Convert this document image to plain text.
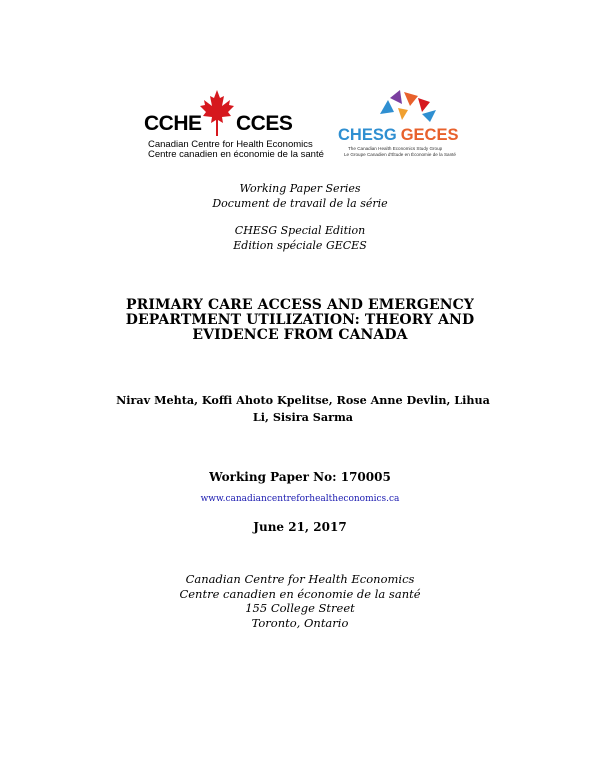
CCHE CCES
Canadian Centre for Health Economics
Centre canadien en économie de la santé
CHESG GECES
The Canadian Health Economics Study Group
Le Groupe Canadien d'Étude en Économie de la Santé
Working Paper Series
Document de travail de la série
CHESG Special Edition
Edition spéciale GECES
PRIMARY CARE ACCESS AND EMERGENCY DEPARTMENT UTILIZATION: THEORY AND EVIDENCE FROM CANADA
Nirav Mehta, Koffi Ahoto Kpelitse, Rose Anne Devlin, Lihua Li, Sisira Sarma
Working Paper No: 170005
www.canadiancentreforhealtheconomics.ca
June 21, 2017
Canadian Centre for Health Economics
Centre canadien en économie de la santé
155 College Street
Toronto, Ontario
